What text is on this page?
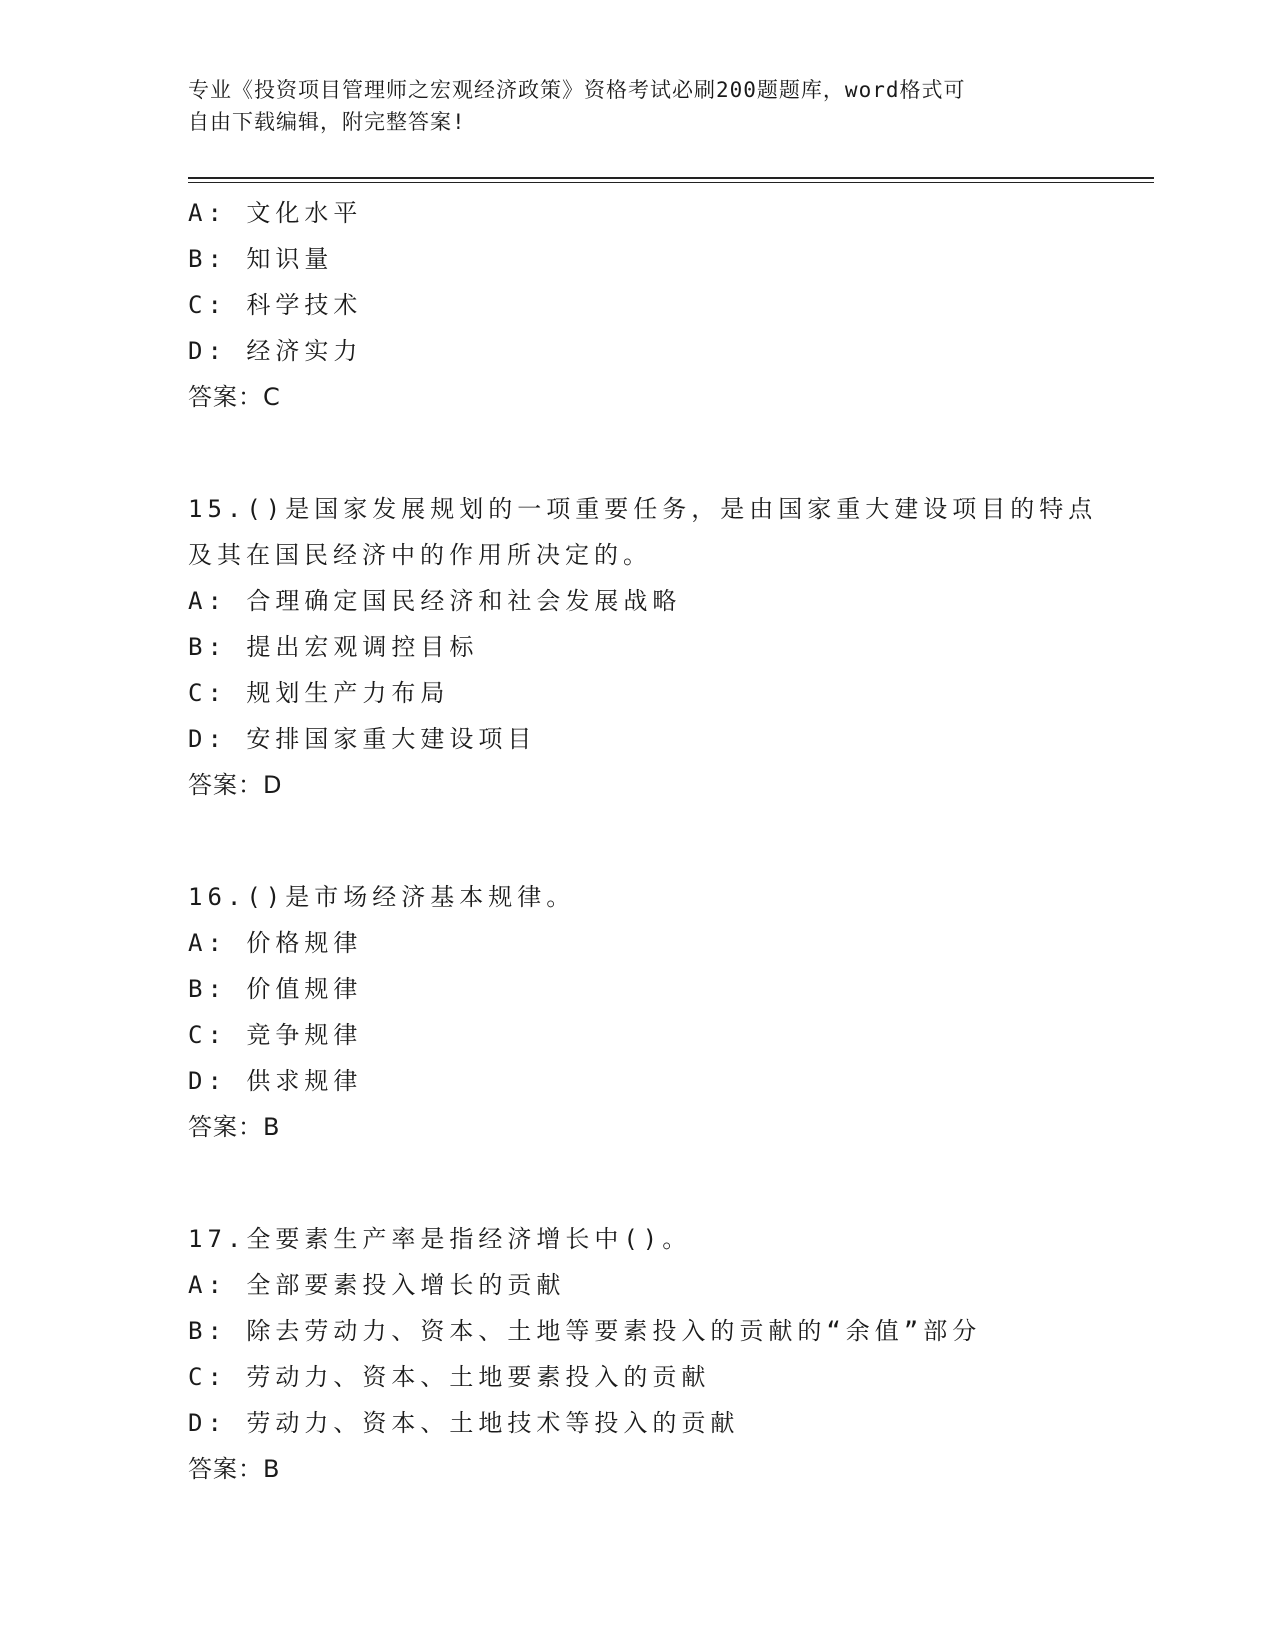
专业《投资项目管理师之宏观经济政策》资格考试必刷200题题库，word格式可
自由下载编辑，附完整答案!
A: 文化水平
B: 知识量
C: 科学技术
D: 经济实力
答案：C
15.()是国家发展规划的一项重要任务，是由国家重大建设项目的特点
及其在国民经济中的作用所决定的。
A: 合理确定国民经济和社会发展战略
B: 提出宏观调控目标
C: 规划生产力布局
D: 安排国家重大建设项目
答案：D
16.()是市场经济基本规律。
A: 价格规律
B: 价值规律
C: 竞争规律
D: 供求规律
答案：B
17.全要素生产率是指经济增长中()。
A: 全部要素投入增长的贡献
B: 除去劳动力、资本、土地等要素投入的贡献的“余值”部分
C: 劳动力、资本、土地要素投入的贡献
D: 劳动力、资本、土地技术等投入的贡献
答案：B
